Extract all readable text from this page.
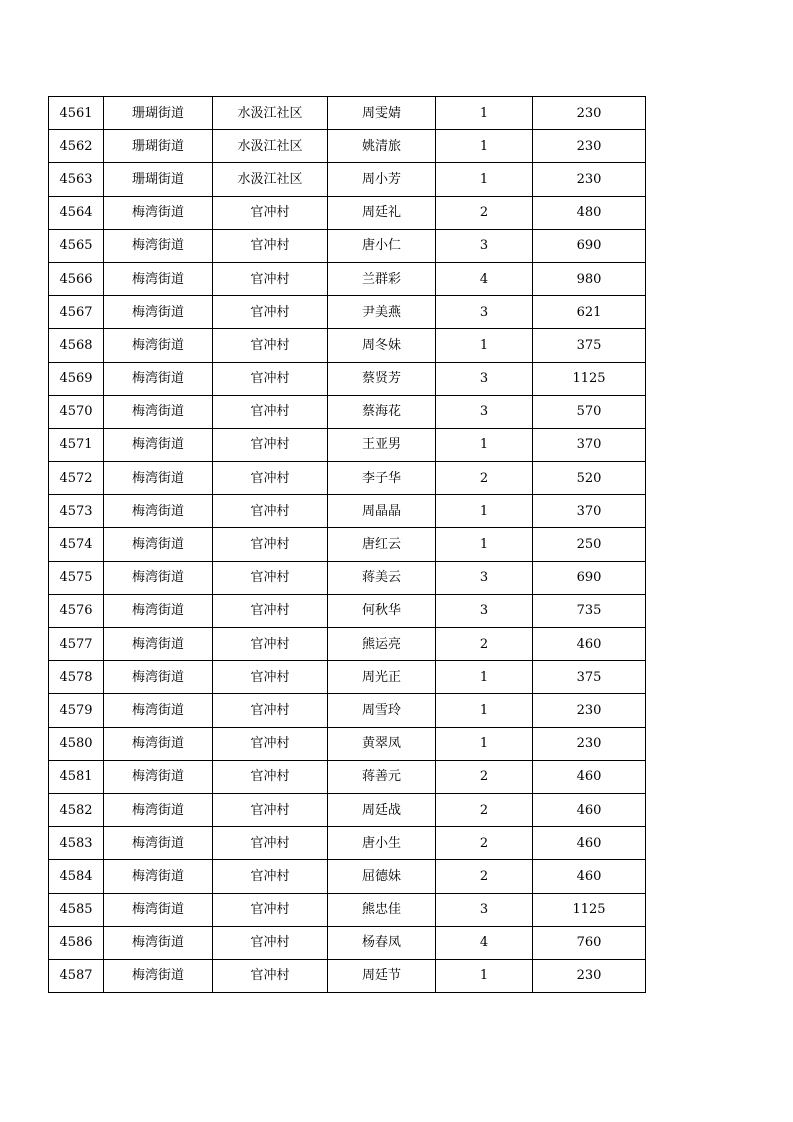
4561	珊瑚街道	水汲江社区	周雯婧	1	230
4562	珊瑚街道	水汲江社区	姚清旅	1	230
4563	珊瑚街道	水汲江社区	周小芳	1	230
4564	梅湾街道	官冲村	周廷礼	2	480
4565	梅湾街道	官冲村	唐小仁	3	690
4566	梅湾街道	官冲村	兰群彩	4	980
4567	梅湾街道	官冲村	尹美燕	3	621
4568	梅湾街道	官冲村	周冬妹	1	375
4569	梅湾街道	官冲村	蔡贤芳	3	1125
4570	梅湾街道	官冲村	蔡海花	3	570
4571	梅湾街道	官冲村	王亚男	1	370
4572	梅湾街道	官冲村	李子华	2	520
4573	梅湾街道	官冲村	周晶晶	1	370
4574	梅湾街道	官冲村	唐红云	1	250
4575	梅湾街道	官冲村	蒋美云	3	690
4576	梅湾街道	官冲村	何秋华	3	735
4577	梅湾街道	官冲村	熊运亮	2	460
4578	梅湾街道	官冲村	周光正	1	375
4579	梅湾街道	官冲村	周雪玲	1	230
4580	梅湾街道	官冲村	黄翠凤	1	230
4581	梅湾街道	官冲村	蒋善元	2	460
4582	梅湾街道	官冲村	周廷战	2	460
4583	梅湾街道	官冲村	唐小生	2	460
4584	梅湾街道	官冲村	屈德妹	2	460
4585	梅湾街道	官冲村	熊忠佳	3	1125
4586	梅湾街道	官冲村	杨春凤	4	760
4587	梅湾街道	官冲村	周廷节	1	230
